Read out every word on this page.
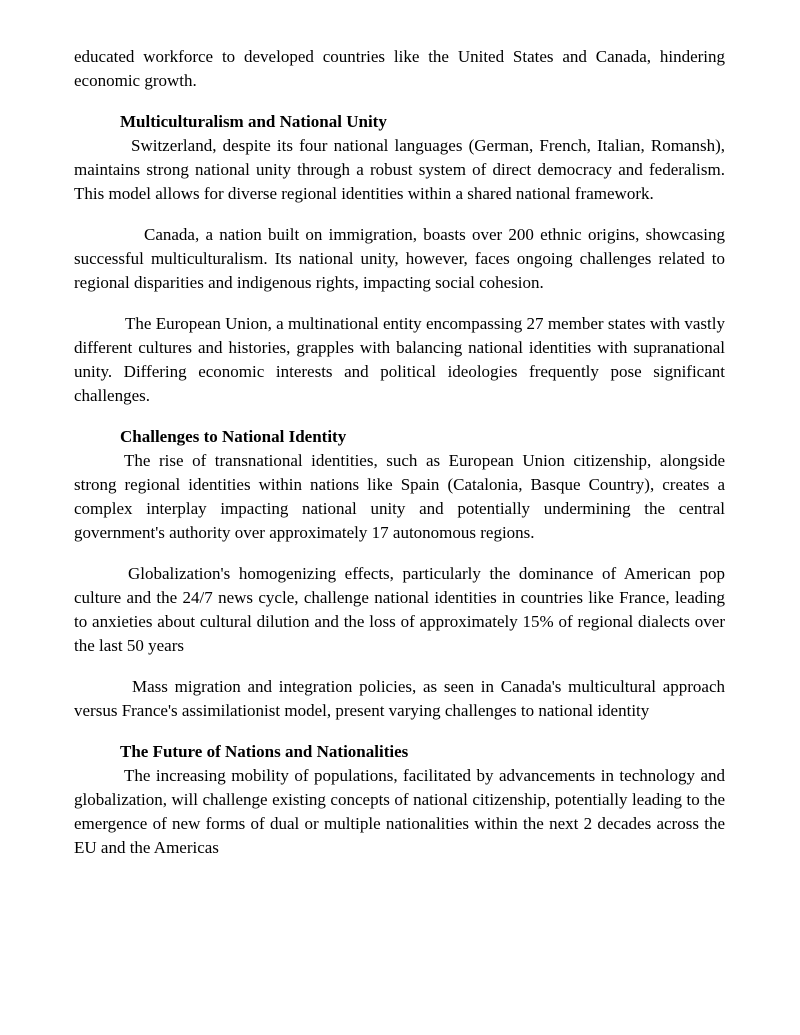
educated workforce to developed countries like the United States and Canada, hindering economic growth.

Multiculturalism and National Unity

Switzerland, despite its four national languages (German, French, Italian, Romansh), maintains strong national unity through a robust system of direct democracy and federalism. This model allows for diverse regional identities within a shared national framework.

Canada, a nation built on immigration, boasts over 200 ethnic origins, showcasing successful multiculturalism. Its national unity, however, faces ongoing challenges related to regional disparities and indigenous rights, impacting social cohesion.

The European Union, a multinational entity encompassing 27 member states with vastly different cultures and histories, grapples with balancing national identities with supranational unity. Differing economic interests and political ideologies frequently pose significant challenges.

Challenges to National Identity

The rise of transnational identities, such as European Union citizenship, alongside strong regional identities within nations like Spain (Catalonia, Basque Country), creates a complex interplay impacting national unity and potentially undermining the central government's authority over approximately 17 autonomous regions.

Globalization's homogenizing effects, particularly the dominance of American pop culture and the 24/7 news cycle, challenge national identities in countries like France, leading to anxieties about cultural dilution and the loss of approximately 15% of regional dialects over the last 50 years

Mass migration and integration policies, as seen in Canada's multicultural approach versus France's assimilationist model, present varying challenges to national identity

The Future of Nations and Nationalities

The increasing mobility of populations, facilitated by advancements in technology and globalization, will challenge existing concepts of national citizenship, potentially leading to the emergence of new forms of dual or multiple nationalities within the next 2 decades across the EU and the Americas
